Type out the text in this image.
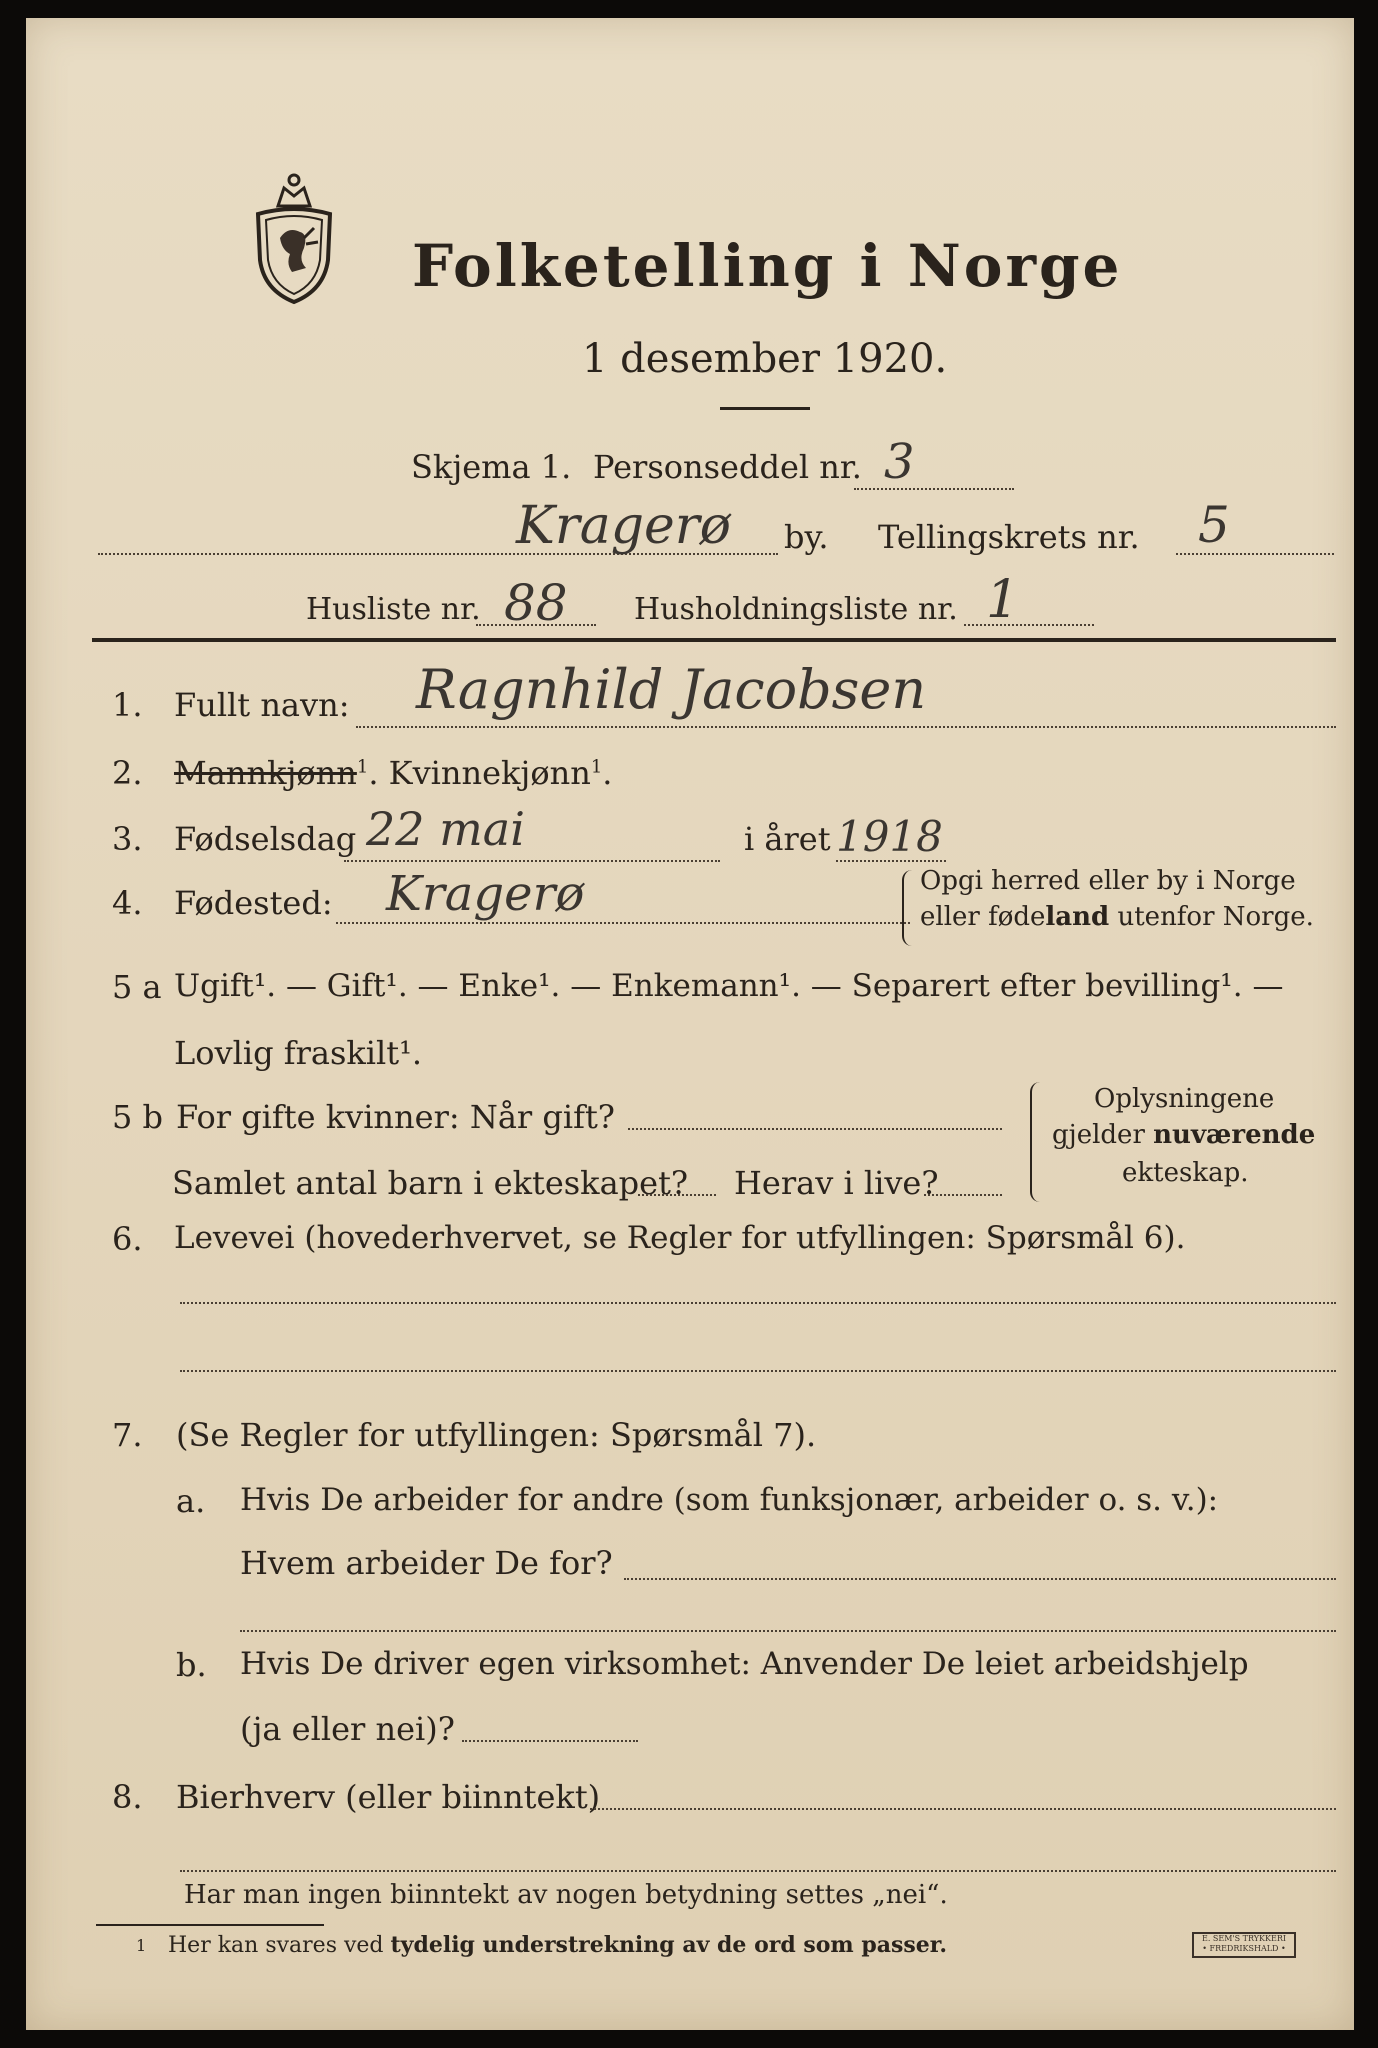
Folketelling i Norge
1 desember 1920.
Skjema 1. Personseddel nr. 3
Kragerø by. Tellingskrets nr. 5
Husliste nr. 88 Husholdningsliste nr. 1
1. Fullt navn: Ragnhild Jacobsen
2. Mannkjønn$^1$. Kvinnekjønn$^1$.
3. Fødselsdag 22 mai	i året 1918
4. Fødested: Kragerø	Opgi herred eller by i Norge
eller fødeland utenfor Norge.
5 a Ugift¹. — Gift¹. — Enke¹. — Enkemann¹. — Separert efter bevilling¹. —
Lovlig fraskilt¹.
5 b For gifte kvinner: Når gift?
Samlet antal barn i ekteskapet? Herav i live?
Oplysningene
gjelder nuværende
ekteskap.
6. Levevei (hovederhvervet, se Regler for utfyllingen: Spørsmål 6).
7. (Se Regler for utfyllingen: Spørsmål 7).
a. Hvis De arbeider for andre (som funksjonær, arbeider o. s. v.):
Hvem arbeider De for?
b. Hvis De driver egen virksomhet: Anvender De leiet arbeidshjelp
(ja eller nei)?
8. Bierhverv (eller biinntekt)
Har man ingen biinntekt av nogen betydning settes „nei“.
1 Her kan svares ved tydelig understrekning av de ord som passer.	E. SEM'S TRYKKERI
• FREDRIKSHALD •
